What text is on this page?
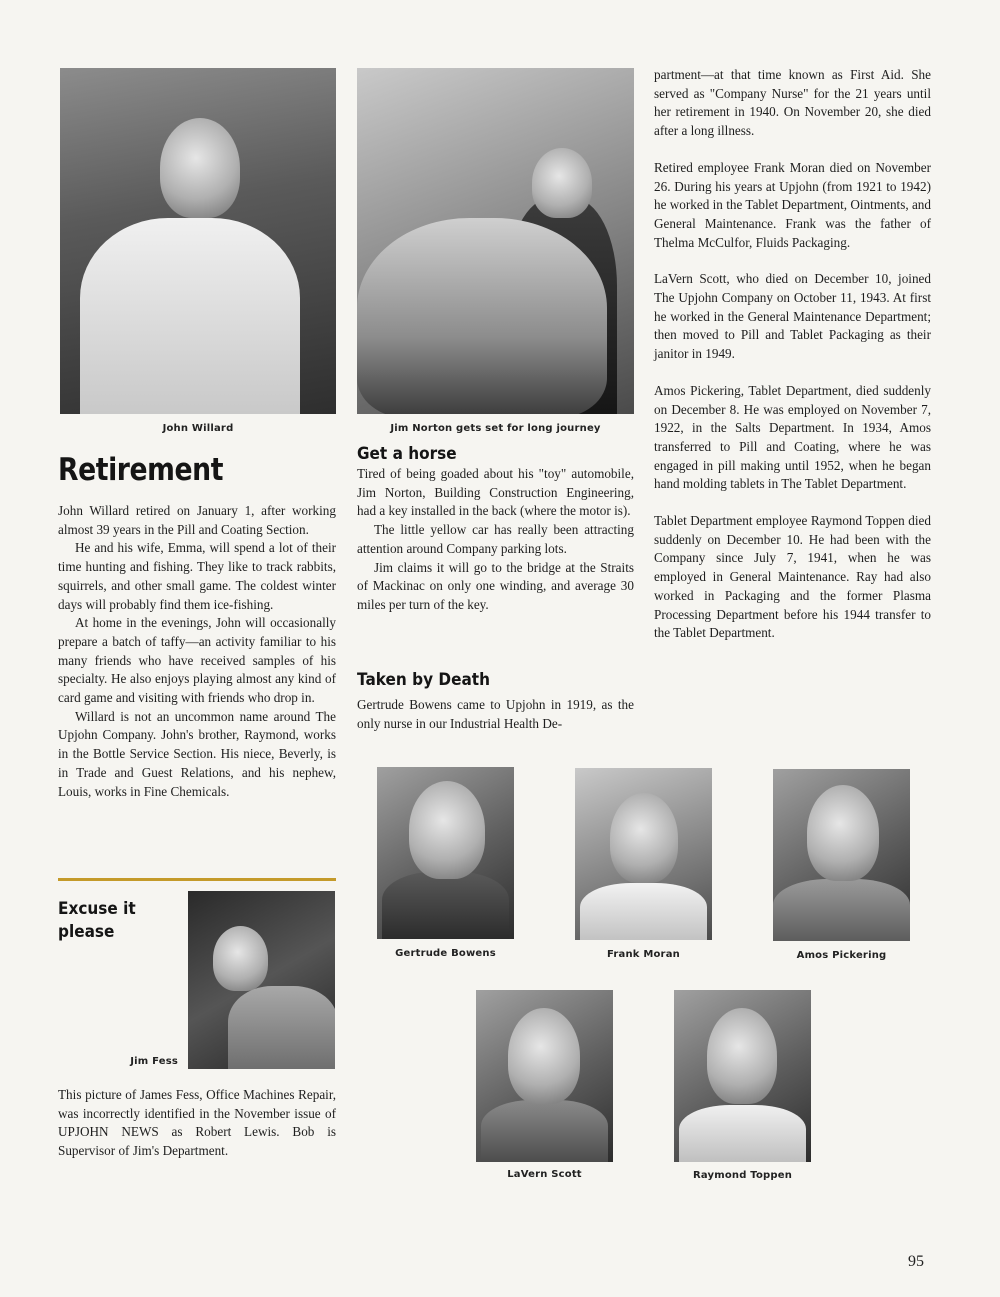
John Willard	Jim Norton gets set for long journey
Retirement

John Willard retired on January 1, after working almost 39 years in the Pill and Coating Section.

He and his wife, Emma, will spend a lot of their time hunting and fishing. They like to track rabbits, squirrels, and other small game. The coldest winter days will probably find them ice-fishing.

At home in the evenings, John will occasionally prepare a batch of taffy—an activity familiar to his many friends who have received samples of his specialty. He also enjoys playing almost any kind of card game and visiting with friends who drop in.

Willard is not an uncommon name around The Upjohn Company. John's brother, Raymond, works in the Bottle Service Section. His niece, Beverly, is in Trade and Guest Relations, and his nephew, Louis, works in Fine Chemicals.

Excuse it
please
Jim Fess

This picture of James Fess, Office Machines Repair, was incorrectly identified in the November issue of UPJOHN NEWS as Robert Lewis. Bob is Supervisor of Jim's Department.

Get a horse

Tired of being goaded about his "toy" automobile, Jim Norton, Building Construction Engineering, had a key installed in the back (where the motor is).

The little yellow car has really been attracting attention around Company parking lots.

Jim claims it will go to the bridge at the Straits of Mackinac on only one winding, and average 30 miles per turn of the key.

Taken by Death

Gertrude Bowens came to Upjohn in 1919, as the only nurse in our Industrial Health De-

partment—at that time known as First Aid. She served as "Company Nurse" for the 21 years until her retirement in 1940. On November 20, she died after a long illness.

Retired employee Frank Moran died on November 26. During his years at Upjohn (from 1921 to 1942) he worked in the Tablet Department, Ointments, and General Maintenance. Frank was the father of Thelma McCulfor, Fluids Packaging.

LaVern Scott, who died on December 10, joined The Upjohn Company on October 11, 1943. At first he worked in the General Maintenance Department; then moved to Pill and Tablet Packaging as their janitor in 1949.

Amos Pickering, Tablet Department, died suddenly on December 8. He was employed on November 7, 1922, in the Salts Department. In 1934, Amos transferred to Pill and Coating, where he was engaged in pill making until 1952, when he began hand molding tablets in The Tablet Department.

Tablet Department employee Raymond Toppen died suddenly on December 10. He had been with the Company since July 7, 1941, when he was employed in General Maintenance. Ray had also worked in Packaging and the former Plasma Processing Department before his 1944 transfer to the Tablet Department.

Gertrude Bowens	Frank Moran	Amos Pickering
LaVern Scott	Raymond Toppen
95
